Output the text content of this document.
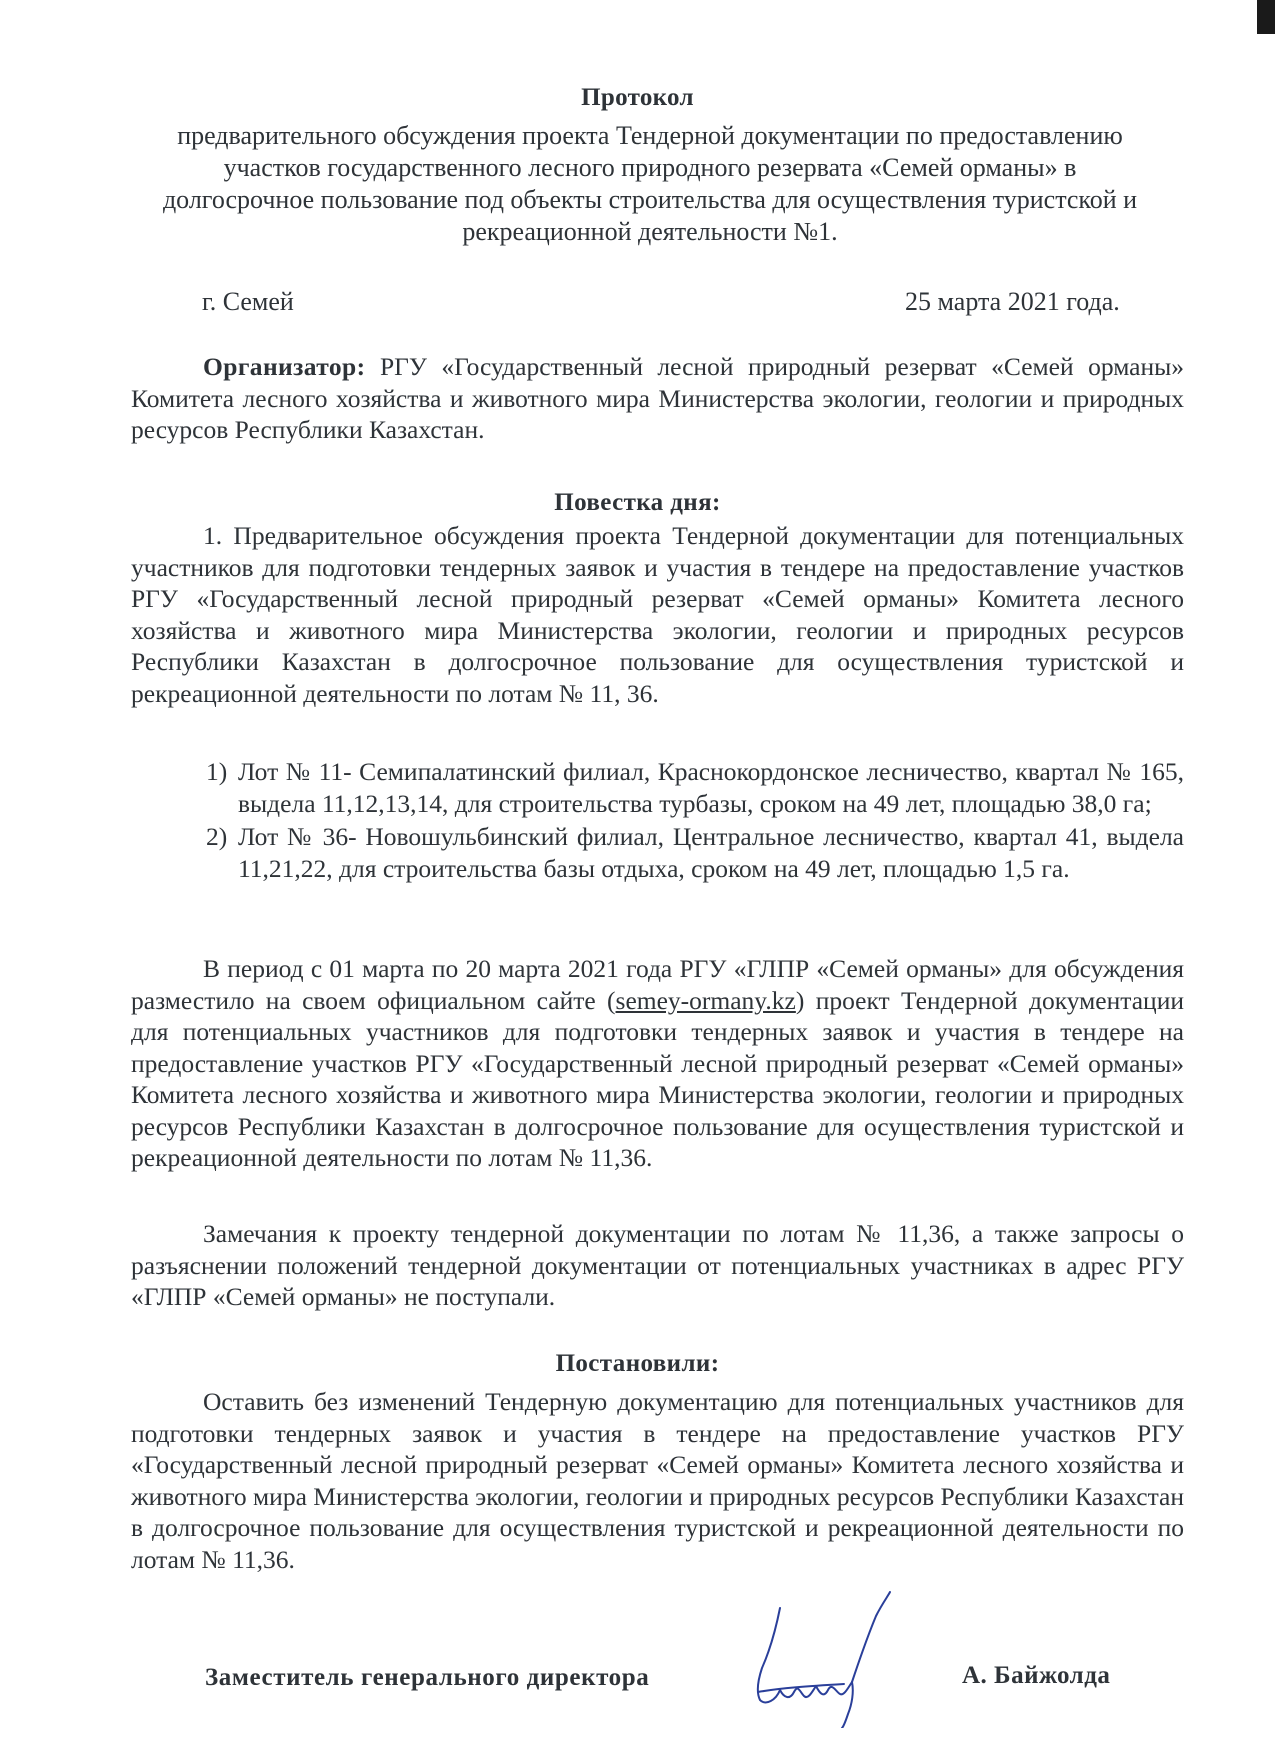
Протокол
предварительного обсуждения проекта Тендерной документации по предоставлению участков государственного лесного природного резервата «Семей орманы» в долгосрочное пользование под объекты строительства для осуществления туристской и рекреационной деятельности №1.
г. Семей	25 марта 2021 года.
Организатор: РГУ «Государственный лесной природный резерват «Семей орманы» Комитета лесного хозяйства и животного мира Министерства экологии, геологии и природных ресурсов Республики Казахстан.
Повестка дня:
1. Предварительное обсуждения проекта Тендерной документации для потенциальных участников для подготовки тендерных заявок и участия в тендере на предоставление участков РГУ «Государственный лесной природный резерват «Семей орманы» Комитета лесного хозяйства и животного мира Министерства экологии, геологии и природных ресурсов Республики Казахстан в долгосрочное пользование для осуществления туристской и рекреационной деятельности по лотам № 11, 36.
1) Лот № 11- Семипалатинский филиал, Краснокордонское лесничество, квартал № 165, выдела 11,12,13,14, для строительства турбазы, сроком на 49 лет, площадью 38,0 га;
2) Лот № 36- Новошульбинский филиал, Центральное лесничество, квартал 41, выдела 11,21,22, для строительства базы отдыха, сроком на 49 лет, площадью 1,5 га.
В период с 01 марта по 20 марта 2021 года РГУ «ГЛПР «Семей орманы» для обсуждения разместило на своем официальном сайте (semey-ormany.kz) проект Тендерной документации для потенциальных участников для подготовки тендерных заявок и участия в тендере на предоставление участков РГУ «Государственный лесной природный резерват «Семей орманы» Комитета лесного хозяйства и животного мира Министерства экологии, геологии и природных ресурсов Республики Казахстан в долгосрочное пользование для осуществления туристской и рекреационной деятельности по лотам № 11,36.
Замечания к проекту тендерной документации по лотам № 11,36, а также запросы о разъяснении положений тендерной документации от потенциальных участниках в адрес РГУ «ГЛПР «Семей орманы» не поступали.
Постановили:
Оставить без изменений Тендерную документацию для потенциальных участников для подготовки тендерных заявок и участия в тендере на предоставление участков РГУ «Государственный лесной природный резерват «Семей орманы» Комитета лесного хозяйства и животного мира Министерства экологии, геологии и природных ресурсов Республики Казахстан в долгосрочное пользование для осуществления туристской и рекреационной деятельности по лотам № 11,36.
Заместитель генерального директора	А. Байжолда
